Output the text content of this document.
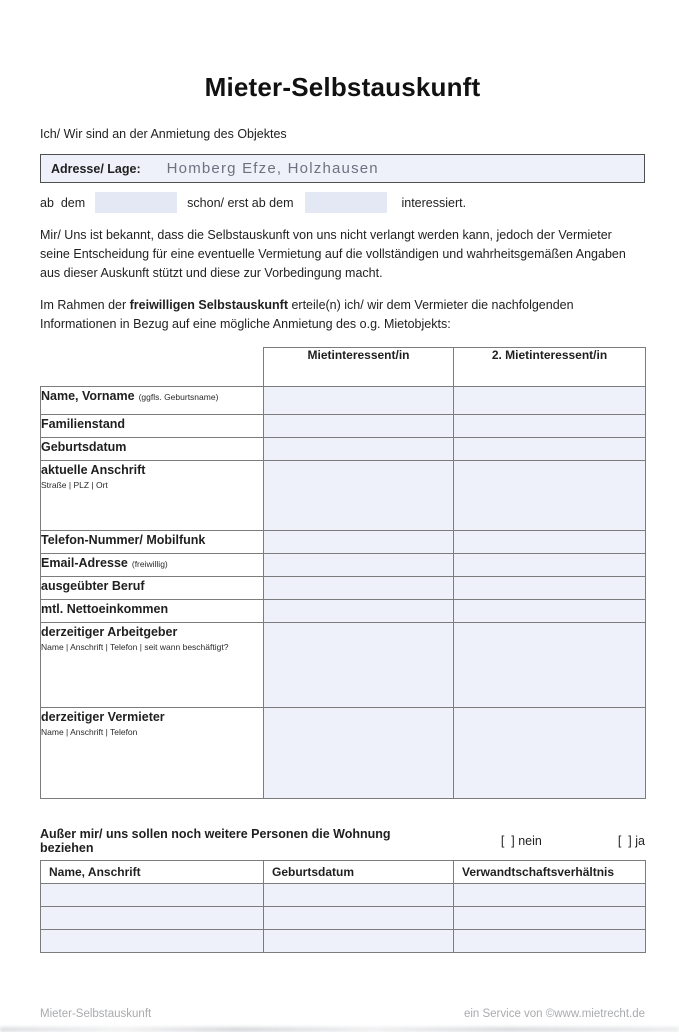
Mieter-Selbstauskunft
Ich/ Wir sind an der Anmietung des Objektes
Adresse/ Lage: Homberg Efze, Holzhausen
ab  dem	schon/ erst ab dem	interessiert.

Mir/ Uns ist bekannt, dass die Selbstauskunft von uns nicht verlangt werden kann, jedoch der Vermieter seine Entscheidung für eine eventuelle Vermietung auf die vollständigen und wahrheitsgemäßen Angaben aus dieser Auskunft stützt und diese zur Vorbedingung macht.

Im Rahmen der freiwilligen Selbstauskunft erteile(n) ich/ wir dem Vermieter die nachfolgenden Informationen in Bezug auf eine mögliche Anmietung des o.g. Mietobjekts:

	Mietinteressent/in	2. Mietinteressent/in
Name, Vorname (ggfls. Geburtsname)		
Familienstand		
Geburtsdatum		
aktuelle Anschrift
Straße | PLZ | Ort		

Telefon-Nummer/ Mobilfunk		
Email-Adresse (freiwillig)		
ausgeübter Beruf		
mtl. Nettoeinkommen		
derzeitiger Arbeitgeber
Name | Anschrift | Telefon | seit wann beschäftigt?		

derzeitiger Vermieter
Name | Anschrift | Telefon		

Außer mir/ uns sollen noch weitere Personen die Wohnung beziehen	[  ] nein	[  ] ja
Name, Anschrift	Geburtsdatum	Verwandtschaftsverhältnis

Mieter-Selbstauskunft	ein Service von ©www.mietrecht.de
